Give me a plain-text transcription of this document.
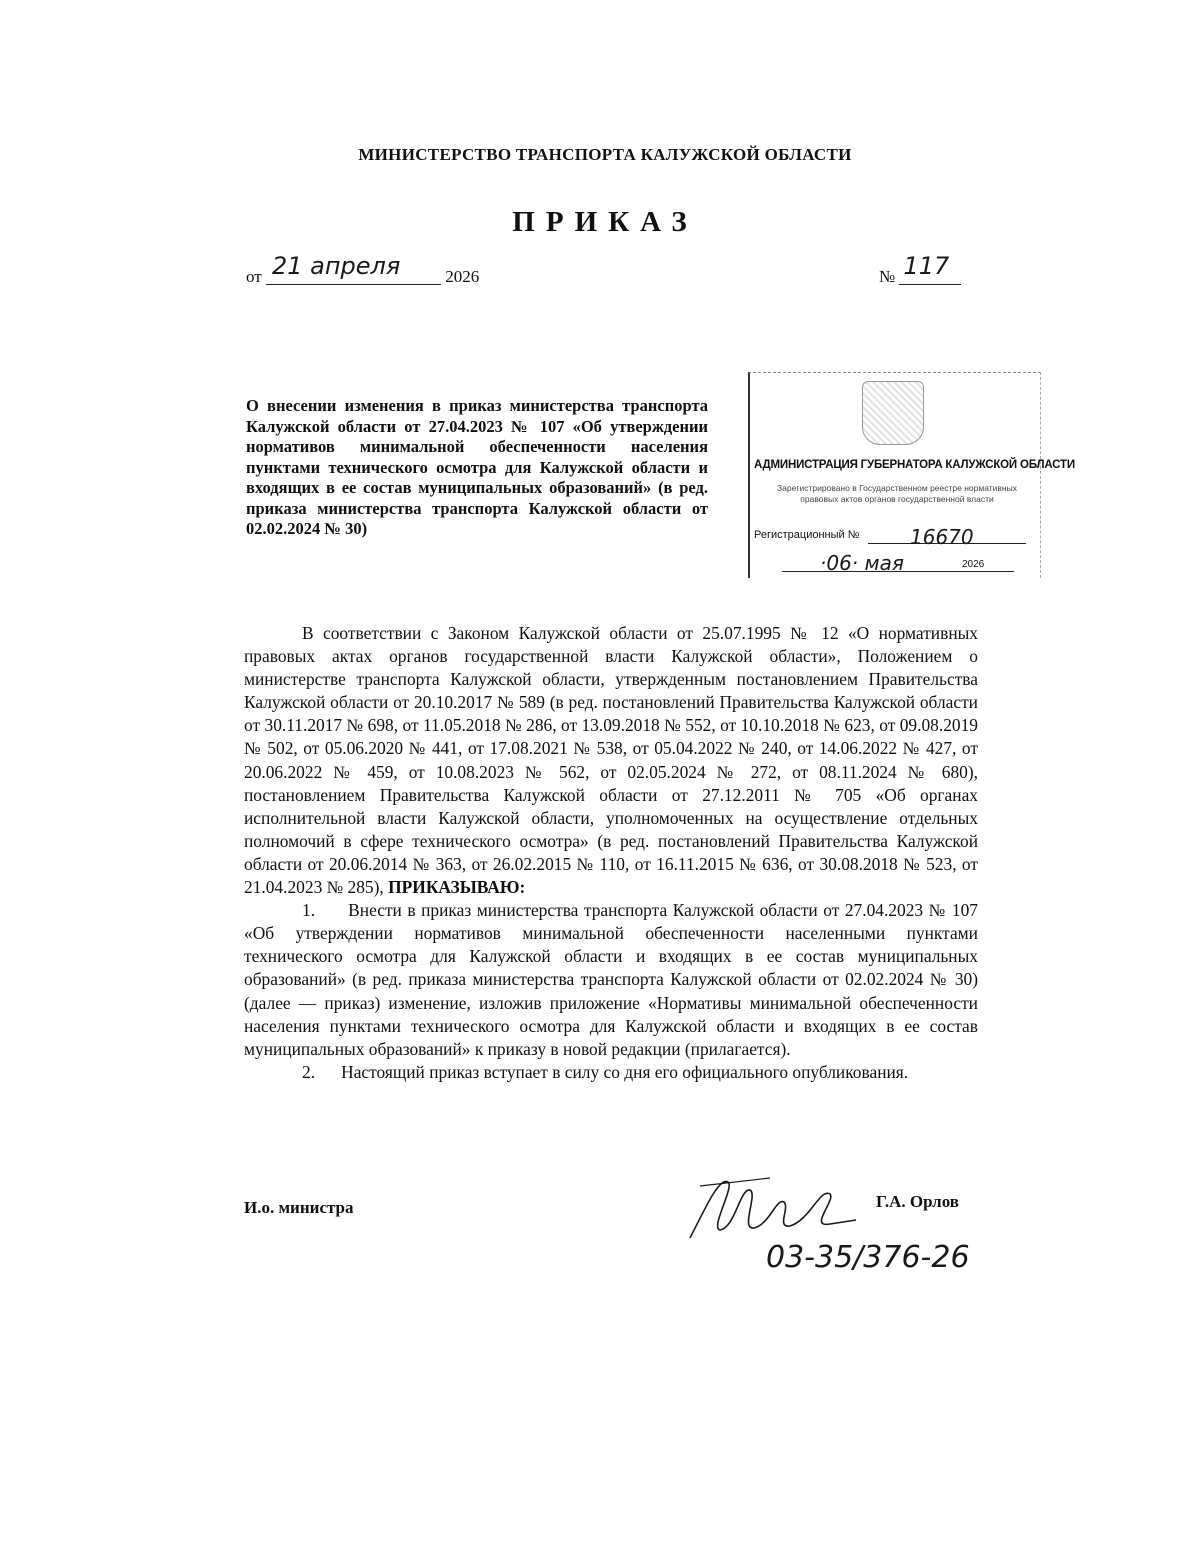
МИНИСТЕРСТВО ТРАНСПОРТА КАЛУЖСКОЙ ОБЛАСТИ
ПРИКАЗ
от 21 апреля	2026	№ 117
О внесении изменения в приказ министерства транспорта Калужской области от 27.04.2023 № 107 «Об утверждении нормативов минимальной обеспеченности населения пунктами технического осмотра для Калужской области и входящих в ее состав муниципальных образований» (в ред. приказа министерства транспорта Калужской области от 02.02.2024 № 30)
АДМИНИСТРАЦИЯ ГУБЕРНАТОРА КАЛУЖСКОЙ ОБЛАСТИ
Зарегистрировано в Государственном реестре нормативных правовых актов органов государственной власти
Регистрационный №	16670
·06· мая	2026

В соответствии с Законом Калужской области от 25.07.1995 № 12 «О нормативных правовых актах органов государственной власти Калужской области», Положением о министерстве транспорта Калужской области, утвержденным постановлением Правительства Калужской области от 20.10.2017 № 589 (в ред. постановлений Правительства Калужской области от 30.11.2017 № 698, от 11.05.2018 № 286, от 13.09.2018 № 552, от 10.10.2018 № 623, от 09.08.2019 № 502, от 05.06.2020 № 441, от 17.08.2021 № 538, от 05.04.2022 № 240, от 14.06.2022 № 427, от 20.06.2022 № 459, от 10.08.2023 № 562, от 02.05.2024 № 272, от 08.11.2024 № 680), постановлением Правительства Калужской области от 27.12.2011 № 705 «Об органах исполнительной власти Калужской области, уполномоченных на осуществление отдельных полномочий в сфере технического осмотра» (в ред. постановлений Правительства Калужской области от 20.06.2014 № 363, от 26.02.2015 № 110, от 16.11.2015 № 636, от 30.08.2018 № 523, от 21.04.2023 № 285), ПРИКАЗЫВАЮ:

1.      Внести в приказ министерства транспорта Калужской области от 27.04.2023 № 107 «Об утверждении нормативов минимальной обеспеченности населенными пунктами технического осмотра для Калужской области и входящих в ее состав муниципальных образований» (в ред. приказа министерства транспорта Калужской области от 02.02.2024 № 30) (далее — приказ) изменение, изложив приложение «Нормативы минимальной обеспеченности населения пунктами технического осмотра для Калужской области и входящих в ее состав муниципальных образований» к приказу в новой редакции (прилагается).

2.      Настоящий приказ вступает в силу со дня его официального опубликования.

И.о. министра	Г.А. Орлов
03-35/376-26
